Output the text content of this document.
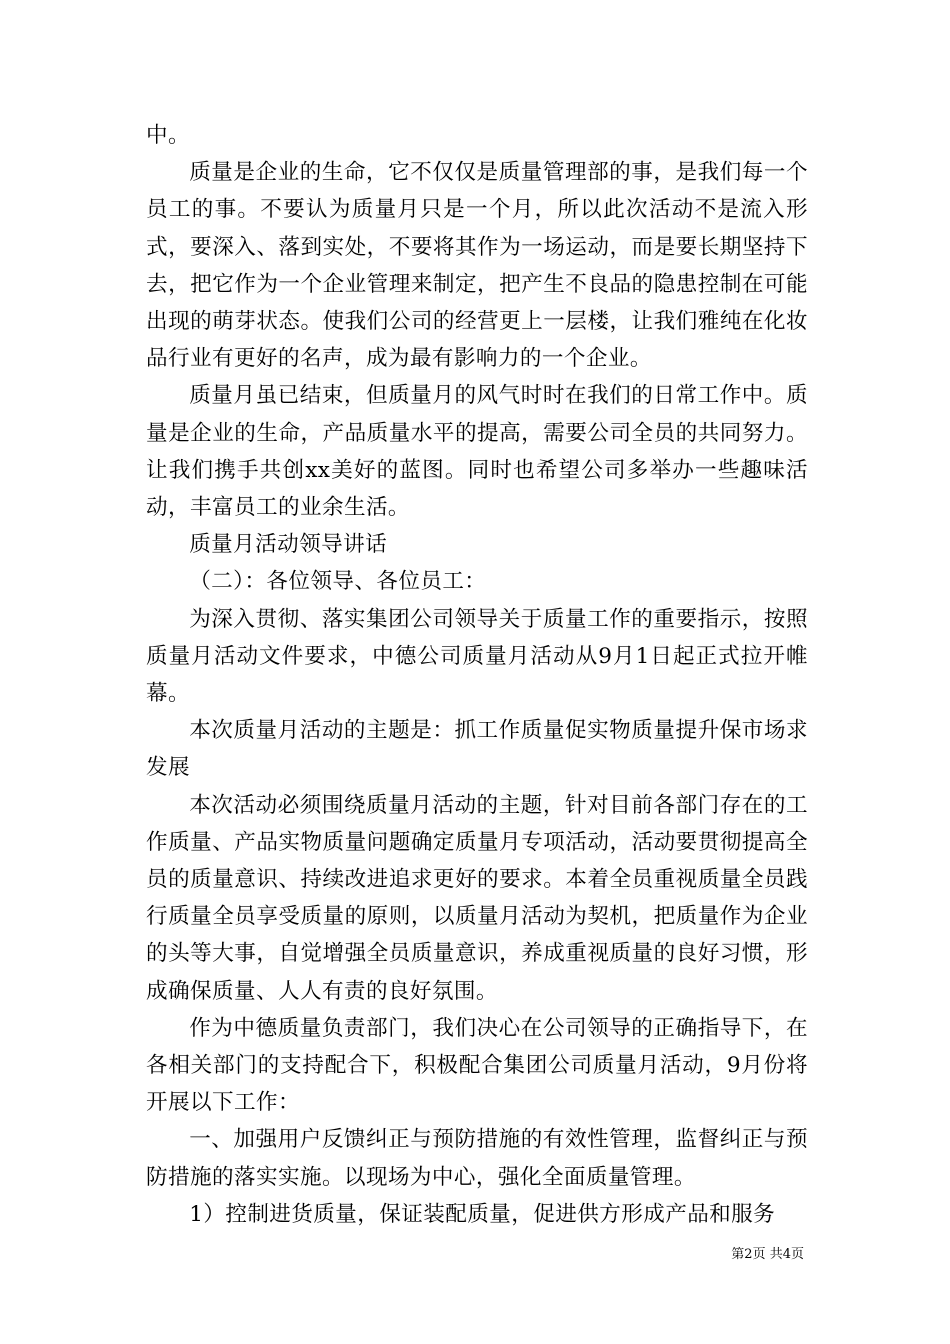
中。

质量是企业的生命，它不仅仅是质量管理部的事，是我们每一个员工的事。不要认为质量月只是一个月，所以此次活动不是流入形式，要深入、落到实处，不要将其作为一场运动，而是要长期坚持下去，把它作为一个企业管理来制定，把产生不良品的隐患控制在可能出现的萌芽状态。使我们公司的经营更上一层楼，让我们雅纯在化妆品行业有更好的名声，成为最有影响力的一个企业。

质量月虽已结束，但质量月的风气时时在我们的日常工作中。质量是企业的生命，产品质量水平的提高，需要公司全员的共同努力。让我们携手共创xx美好的蓝图。同时也希望公司多举办一些趣味活动，丰富员工的业余生活。

质量月活动领导讲话

（二）：各位领导、各位员工：

为深入贯彻、落实集团公司领导关于质量工作的重要指示，按照质量月活动文件要求，中德公司质量月活动从9月1日起正式拉开帷幕。

本次质量月活动的主题是：抓工作质量促实物质量提升保市场求发展

本次活动必须围绕质量月活动的主题，针对目前各部门存在的工作质量、产品实物质量问题确定质量月专项活动，活动要贯彻提高全员的质量意识、持续改进追求更好的要求。本着全员重视质量全员践行质量全员享受质量的原则，以质量月活动为契机，把质量作为企业的头等大事，自觉增强全员质量意识，养成重视质量的良好习惯，形成确保质量、人人有责的良好氛围。

作为中德质量负责部门，我们决心在公司领导的正确指导下，在各相关部门的支持配合下，积极配合集团公司质量月活动，9月份将开展以下工作：

一、加强用户反馈纠正与预防措施的有效性管理，监督纠正与预防措施的落实实施。以现场为中心，强化全面质量管理。

1）控制进货质量，保证装配质量，促进供方形成产品和服务

第 2 页 共 4 页
